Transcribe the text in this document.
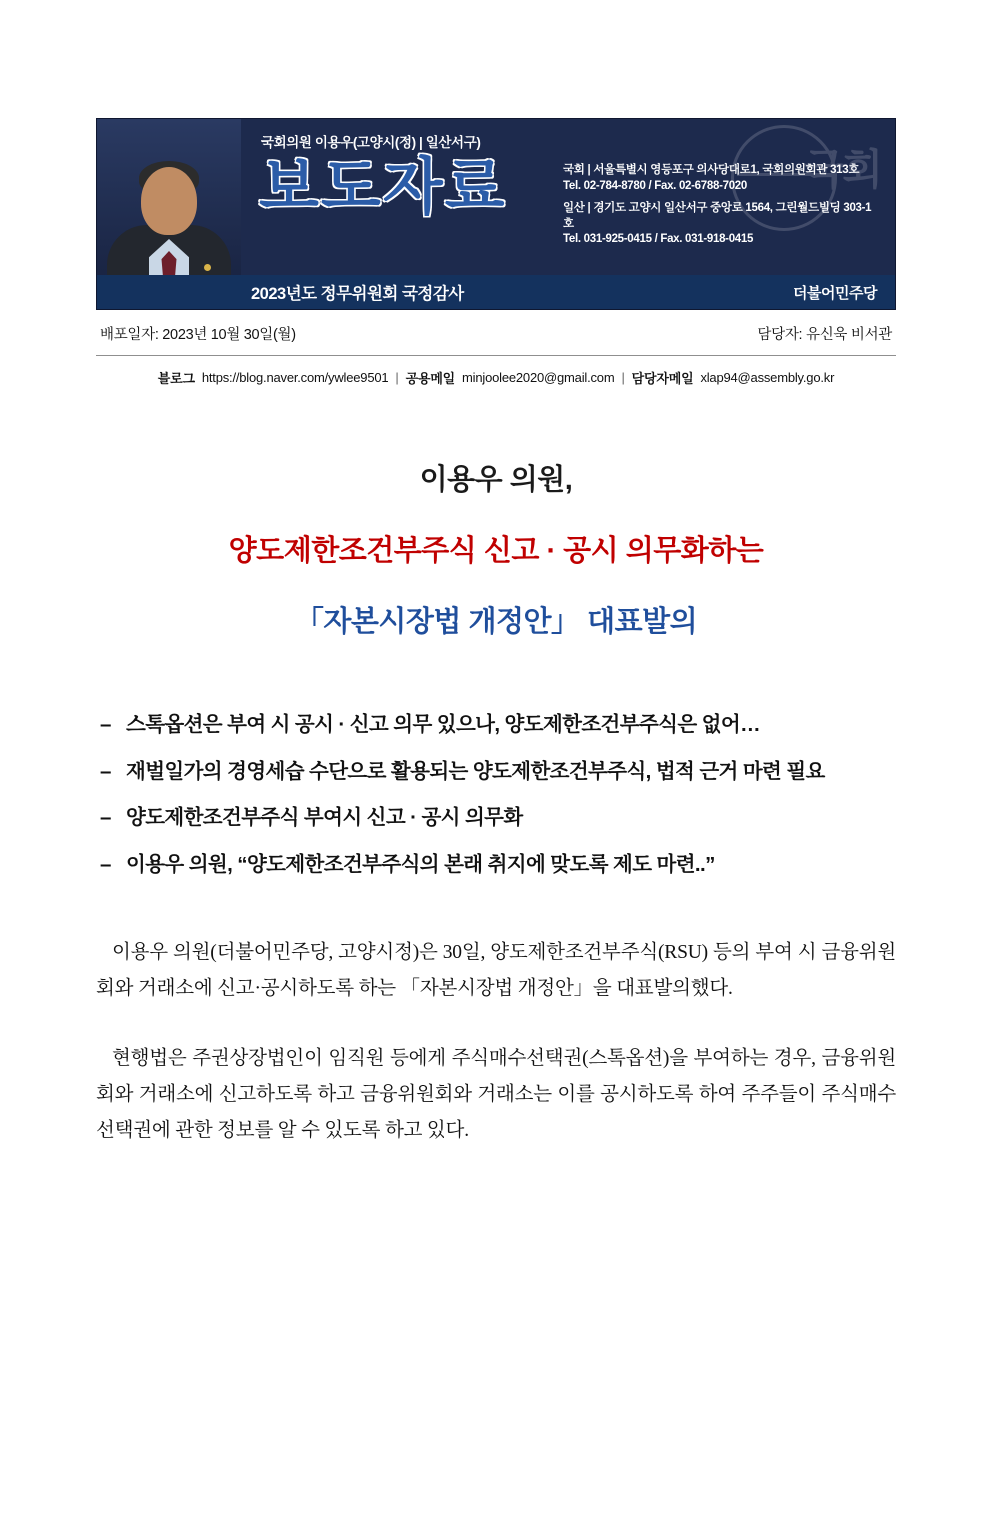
국회
국회의원 이용우(고양시(정) | 일산서구)
보도자료	국회 | 서울특별시 영등포구 의사당대로1, 국회의원회관 313호
Tel. 02-784-8780 / Fax. 02-6788-7020
일산 | 경기도 고양시 일산서구 중앙로 1564, 그린월드빌딩 303-1호
Tel. 031-925-0415 / Fax. 031-918-0415
2023년도 정무위원회 국정감사	더불어민주당
배포일자: 2023년 10월 30일(월)	담당자: 유신욱 비서관
블로그 https://blog.naver.com/ywlee9501 | 공용메일 minjoolee2020@gmail.com | 담당자메일 xlap94@assembly.go.kr
이용우 의원,
양도제한조건부주식 신고 · 공시 의무화하는
「자본시장법 개정안」 대표발의
– 스톡옵션은 부여 시 공시 · 신고 의무 있으나, 양도제한조건부주식은 없어…
– 재벌일가의 경영세습 수단으로 활용되는 양도제한조건부주식, 법적 근거 마련 필요
– 양도제한조건부주식 부여시 신고 · 공시 의무화
– 이용우 의원, “양도제한조건부주식의 본래 취지에 맞도록 제도 마련..”

이용우 의원(더불어민주당, 고양시정)은 30일, 양도제한조건부주식(RSU) 등의 부여 시 금융위원회와 거래소에 신고·공시하도록 하는 「자본시장법 개정안」을 대표발의했다.

현행법은 주권상장법인이 임직원 등에게 주식매수선택권(스톡옵션)을 부여하는 경우, 금융위원회와 거래소에 신고하도록 하고 금융위원회와 거래소는 이를 공시하도록 하여 주주들이 주식매수선택권에 관한 정보를 알 수 있도록 하고 있다.
